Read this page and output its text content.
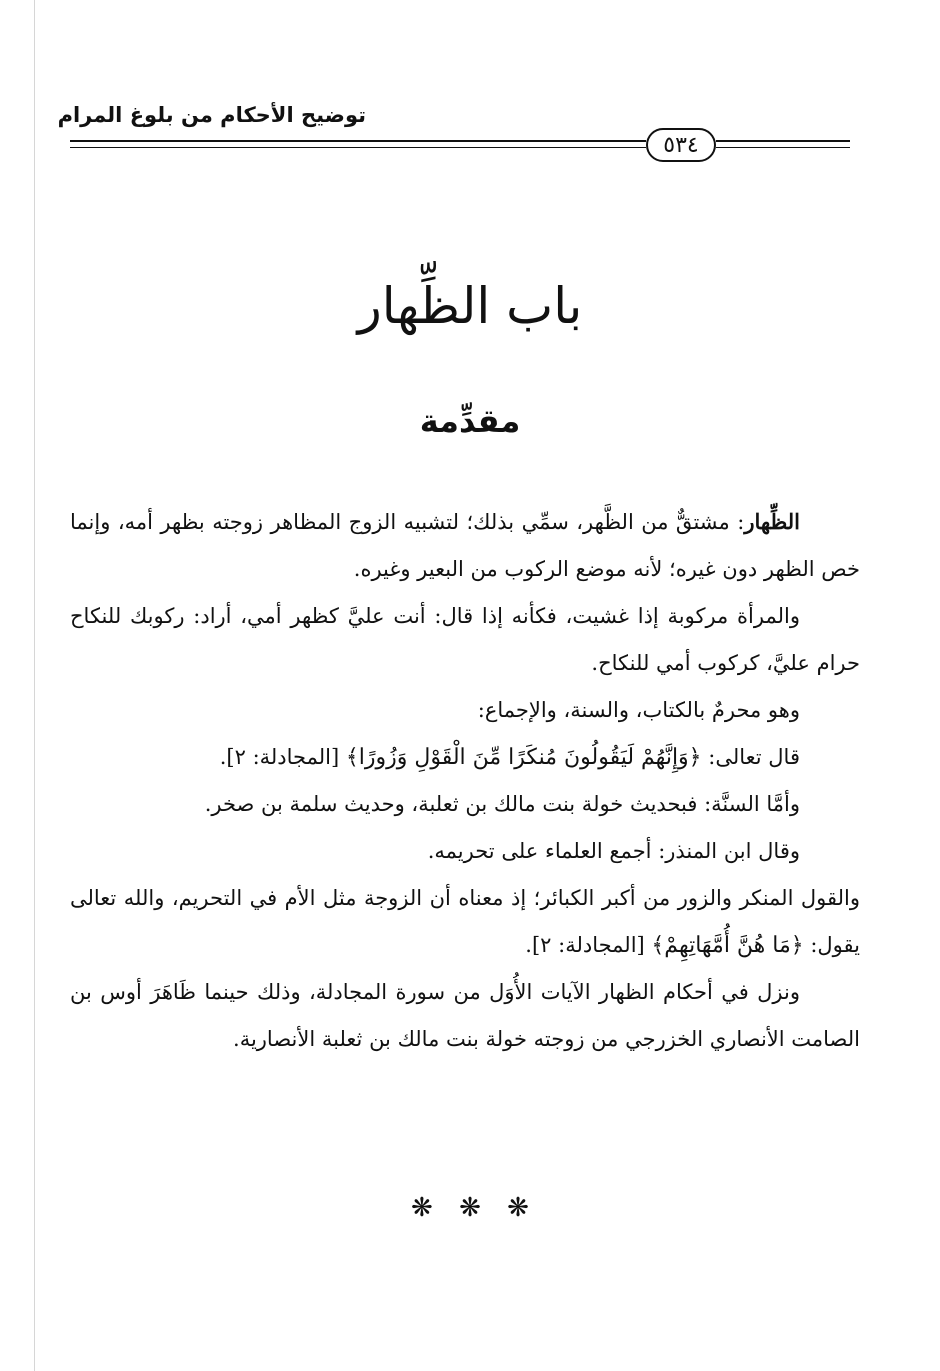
توضيح الأحكام من بلوغ المرام
٥٣٤
باب الظِّهار
مقدِّمة

الظِّهار: مشتقٌّ من الظَّهر، سمِّي بذلك؛ لتشبيه الزوج المظاهر زوجته بظهر أمه، وإنما خص الظهر دون غيره؛ لأنه موضع الركوب من البعير وغيره.

والمرأة مركوبة إذا غشيت، فكأنه إذا قال: أنت عليَّ كظهر أمي، أراد: ركوبك للنكاح حرام عليَّ، كركوب أمي للنكاح.

وهو محرمٌ بالكتاب، والسنة، والإجماع:

قال تعالى: ﴿وَإِنَّهُمْ لَيَقُولُونَ مُنكَرًا مِّنَ الْقَوْلِ وَزُورًا﴾ [المجادلة: ٢].

وأمَّا السنَّة: فبحديث خولة بنت مالك بن ثعلبة، وحديث سلمة بن صخر.

وقال ابن المنذر: أجمع العلماء على تحريمه.

والقول المنكر والزور من أكبر الكبائر؛ إذ معناه أن الزوجة مثل الأم في التحريم، والله تعالى يقول: ﴿مَا هُنَّ أُمَّهَاتِهِمْ﴾ [المجادلة: ٢].

ونزل في أحكام الظهار الآيات الأُوَل من سورة المجادلة، وذلك حينما ظَاهَرَ أوس بن الصامت الأنصاري الخزرجي من زوجته خولة بنت مالك بن ثعلبة الأنصارية.

❋ ❋ ❋
